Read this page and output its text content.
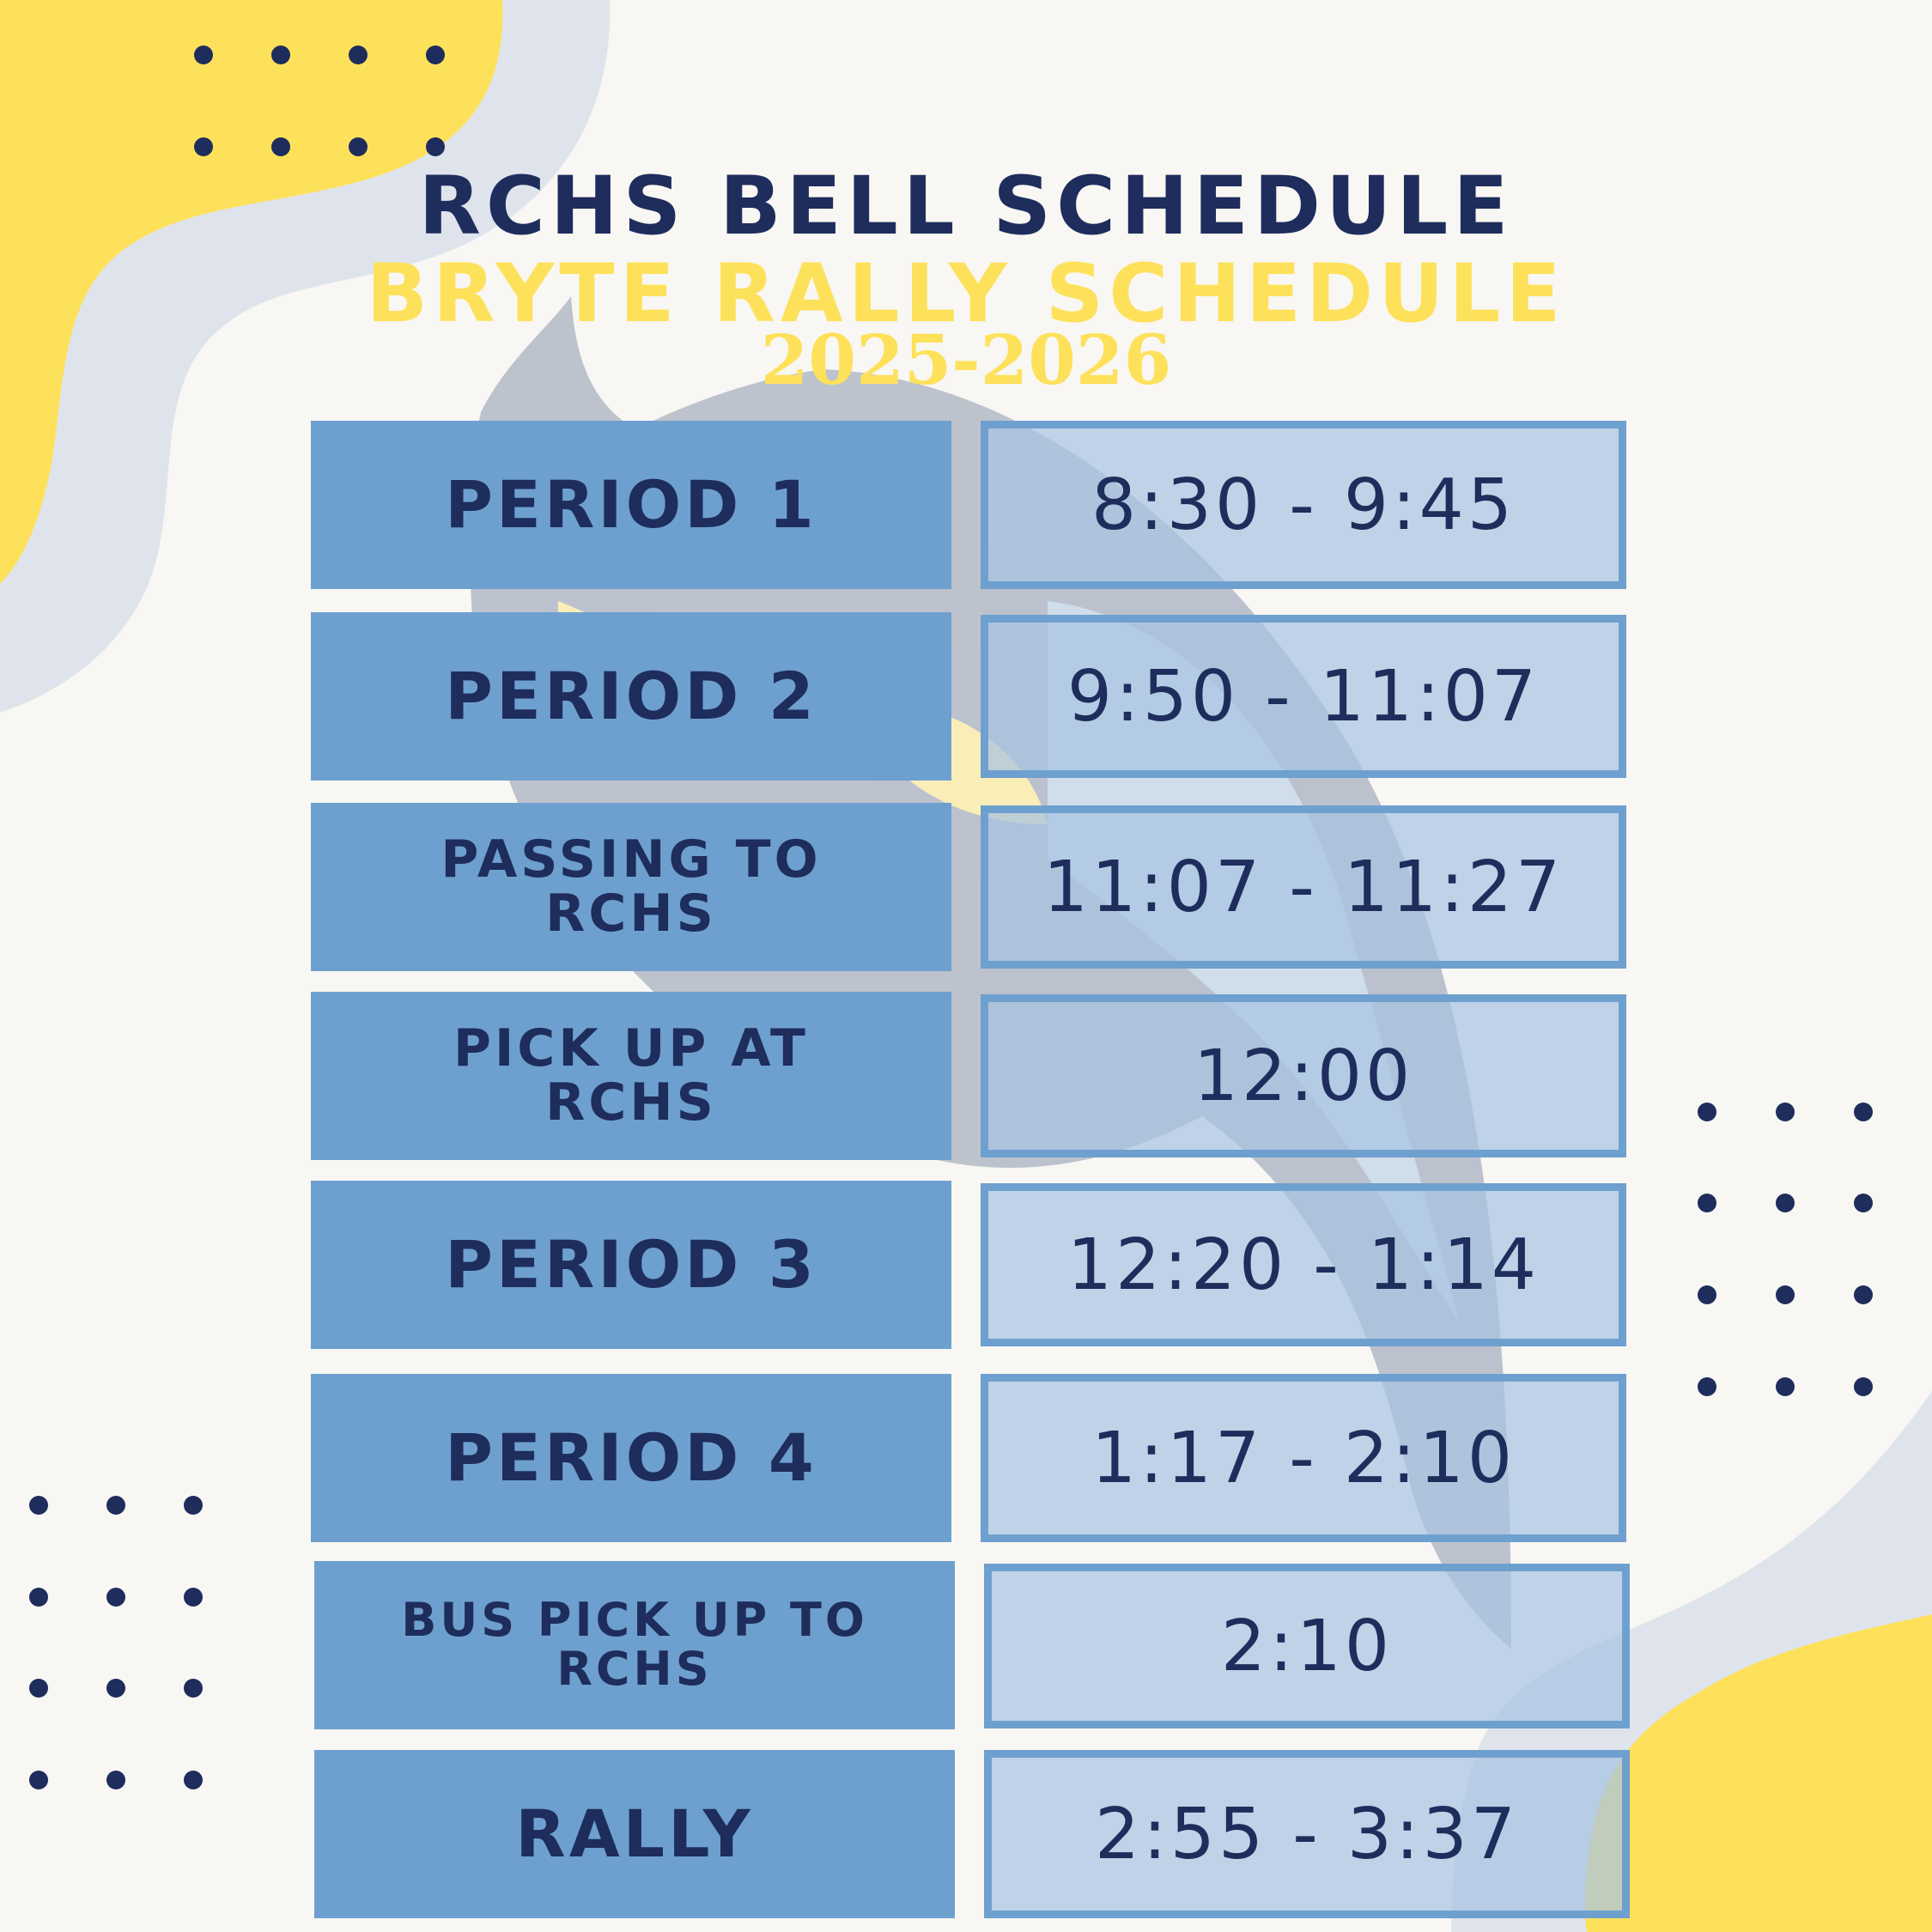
RCHS BELL SCHEDULE
BRYTE RALLY SCHEDULE
2025-2026
PERIOD 1	8:30 - 9:45
PERIOD 2	9:50 - 11:07
PASSING TO RCHS	11:07 - 11:27
PICK UP AT RCHS	12:00
PERIOD 3	12:20 - 1:14
PERIOD 4	1:17 - 2:10
BUS PICK UP TO RCHS	2:10
RALLY	2:55 - 3:37
